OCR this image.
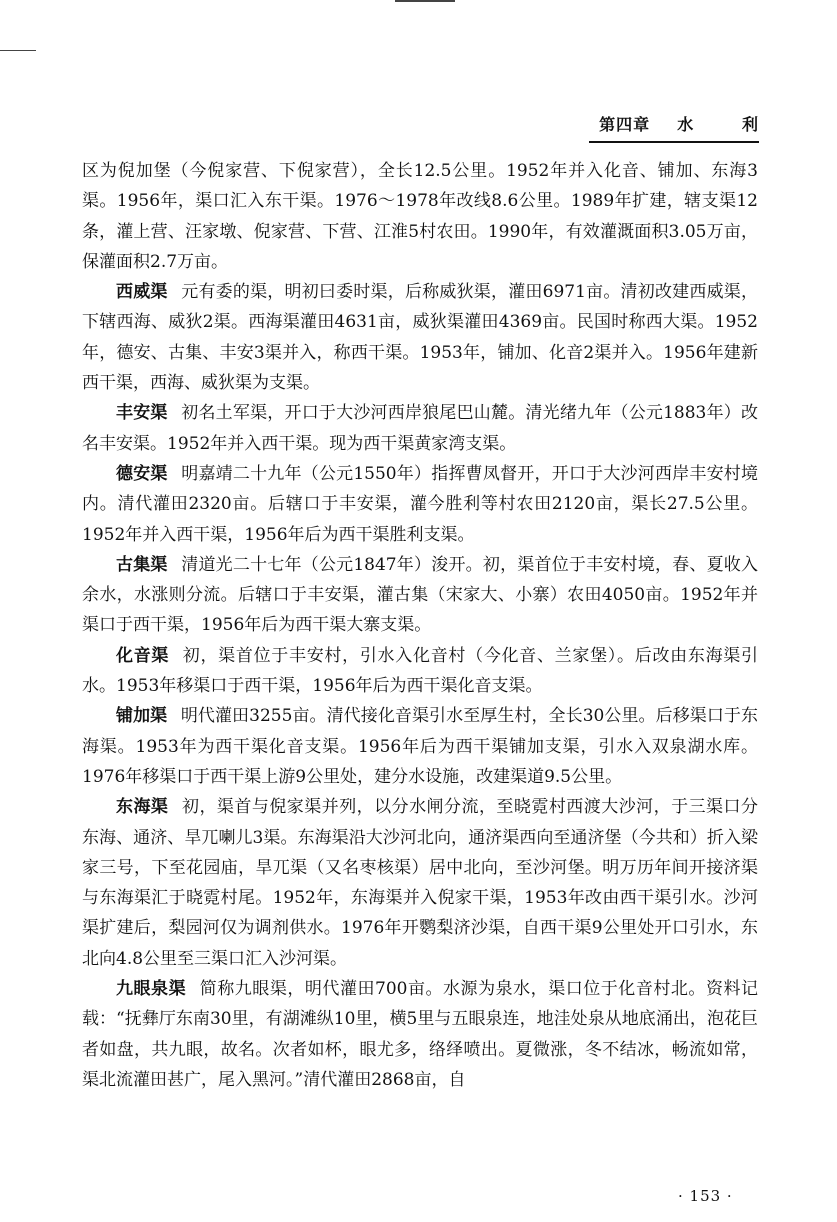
第四章 水	利

区为倪加堡（今倪家营、下倪家营），全长12.5公里。1952年并入化音、铺加、东海3渠。1956年，渠口汇入东干渠。1976～1978年改线8.6公里。1989年扩建，辖支渠12条，灌上营、汪家墩、倪家营、下营、江淮5村农田。1990年，有效灌溉面积3.05万亩，保灌面积2.7万亩。

西威渠 元有委的渠，明初曰委时渠，后称威狄渠，灌田6971亩。清初改建西威渠，下辖西海、威狄2渠。西海渠灌田4631亩，威狄渠灌田4369亩。民国时称西大渠。1952年，德安、古集、丰安3渠并入，称西干渠。1953年，铺加、化音2渠并入。1956年建新西干渠，西海、威狄渠为支渠。

丰安渠 初名土军渠，开口于大沙河西岸狼尾巴山麓。清光绪九年（公元1883年）改名丰安渠。1952年并入西干渠。现为西干渠黄家湾支渠。

德安渠 明嘉靖二十九年（公元1550年）指挥曹凤督开，开口于大沙河西岸丰安村境内。清代灌田2320亩。后辖口于丰安渠，灌今胜利等村农田2120亩，渠长27.5公里。1952年并入西干渠，1956年后为西干渠胜利支渠。

古集渠 清道光二十七年（公元1847年）浚开。初，渠首位于丰安村境，春、夏收入余水，水涨则分流。后辖口于丰安渠，灌古集（宋家大、小寨）农田4050亩。1952年并渠口于西干渠，1956年后为西干渠大寨支渠。

化音渠 初，渠首位于丰安村，引水入化音村（今化音、兰家堡）。后改由东海渠引水。1953年移渠口于西干渠，1956年后为西干渠化音支渠。

铺加渠 明代灌田3255亩。清代接化音渠引水至厚生村，全长30公里。后移渠口于东海渠。1953年为西干渠化音支渠。1956年后为西干渠铺加支渠，引水入双泉湖水库。1976年移渠口于西干渠上游9公里处，建分水设施，改建渠道9.5公里。

东海渠 初，渠首与倪家渠并列，以分水闸分流，至晓霓村西渡大沙河，于三渠口分东海、通济、旱兀喇儿3渠。东海渠沿大沙河北向，通济渠西向至通济堡（今共和）折入梁家三号，下至花园庙，旱兀渠（又名枣核渠）居中北向，至沙河堡。明万历年间开接济渠与东海渠汇于晓霓村尾。1952年，东海渠并入倪家干渠，1953年改由西干渠引水。沙河渠扩建后，梨园河仅为调剂供水。1976年开鹦梨济沙渠，自西干渠9公里处开口引水，东北向4.8公里至三渠口汇入沙河渠。

九眼泉渠 简称九眼渠，明代灌田700亩。水源为泉水，渠口位于化音村北。资料记载：“抚彝厅东南30里，有湖滩纵10里，横5里与五眼泉连，地洼处泉从地底涌出，泡花巨者如盘，共九眼，故名。次者如杯，眼尤多，络绎喷出。夏微涨，冬不结冰，畅流如常，渠北流灌田甚广，尾入黑河。”清代灌田2868亩，自

· 153 ·
